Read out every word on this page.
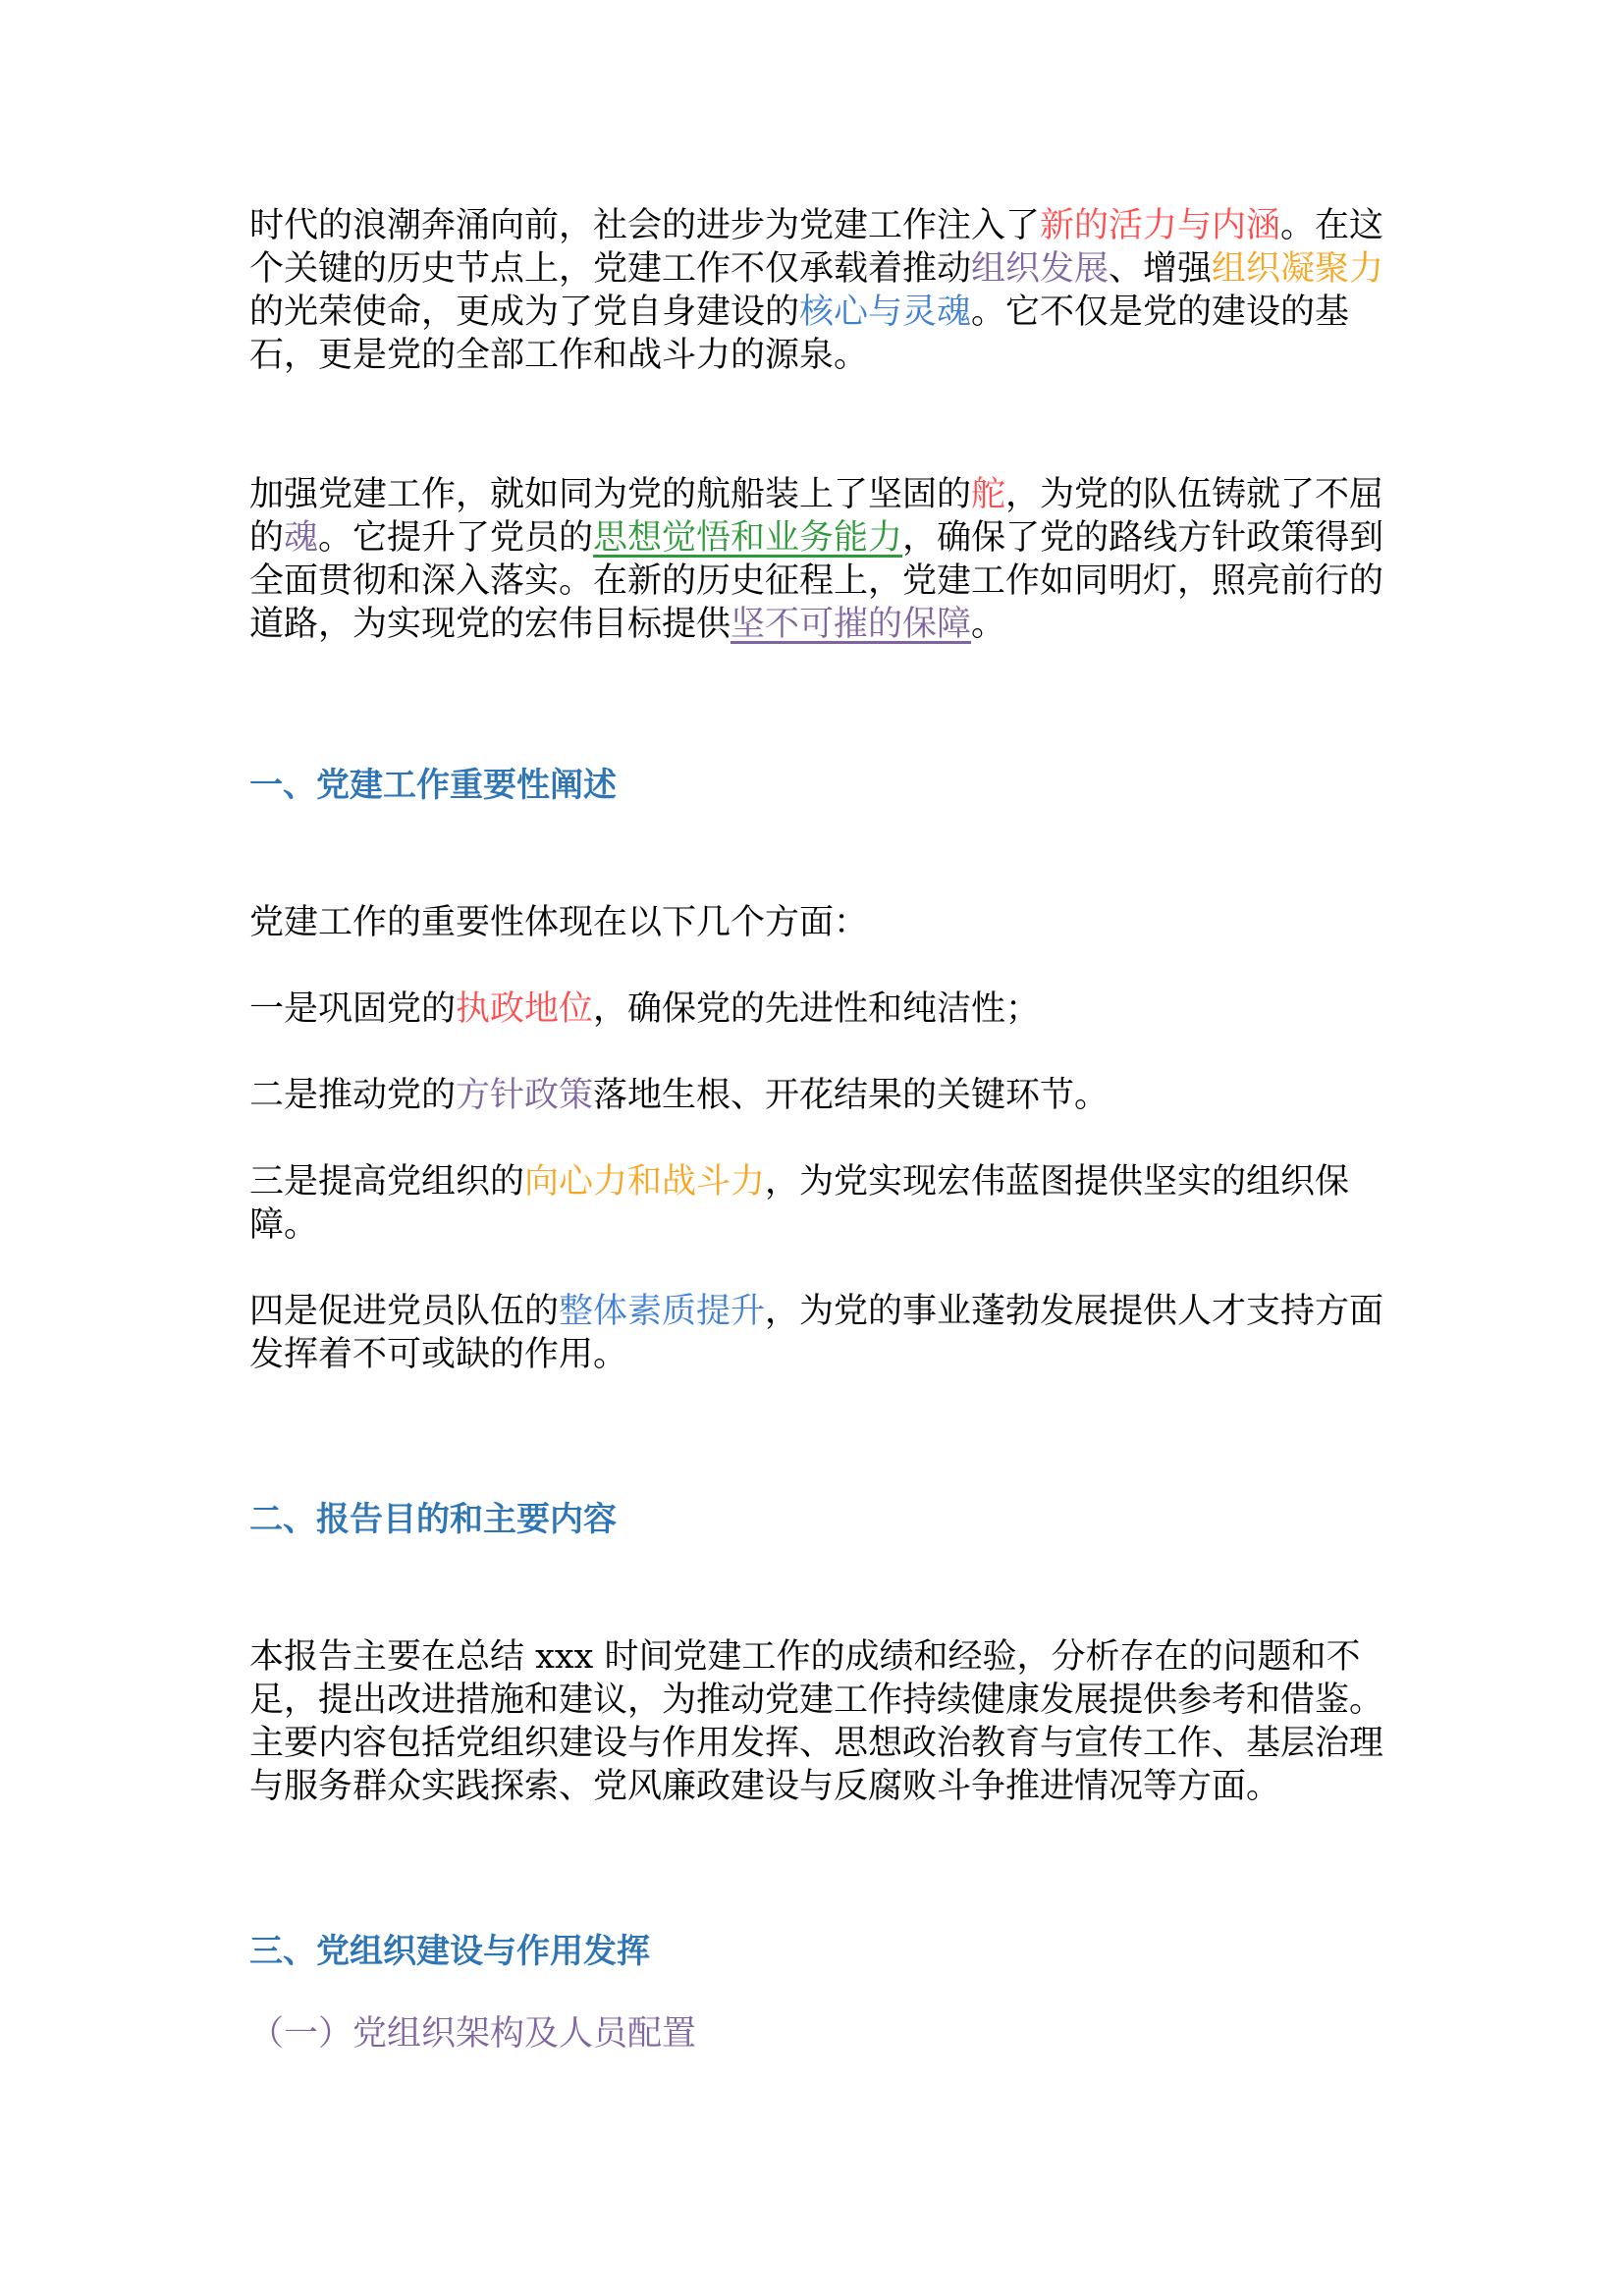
时代的浪潮奔涌向前，社会的进步为党建工作注入了新的活力与内涵。在这个关键的历史节点上，党建工作不仅承载着推动组织发展、增强组织凝聚力的光荣使命，更成为了党自身建设的核心与灵魂。它不仅是党的建设的基石，更是党的全部工作和战斗力的源泉。

加强党建工作，就如同为党的航船装上了坚固的舵，为党的队伍铸就了不屈的魂。它提升了党员的思想觉悟和业务能力，确保了党的路线方针政策得到全面贯彻和深入落实。在新的历史征程上，党建工作如同明灯，照亮前行的道路，为实现党的宏伟目标提供坚不可摧的保障。

一、党建工作重要性阐述

党建工作的重要性体现在以下几个方面：

一是巩固党的执政地位，确保党的先进性和纯洁性；

二是推动党的方针政策落地生根、开花结果的关键环节。

三是提高党组织的向心力和战斗力，为党实现宏伟蓝图提供坚实的组织保障。

四是促进党员队伍的整体素质提升，为党的事业蓬勃发展提供人才支持方面发挥着不可或缺的作用。

二、报告目的和主要内容

本报告主要在总结 xxx 时间党建工作的成绩和经验，分析存在的问题和不足，提出改进措施和建议，为推动党建工作持续健康发展提供参考和借鉴。主要内容包括党组织建设与作用发挥、思想政治教育与宣传工作、基层治理与服务群众实践探索、党风廉政建设与反腐败斗争推进情况等方面。

三、党组织建设与作用发挥

（一）党组织架构及人员配置
